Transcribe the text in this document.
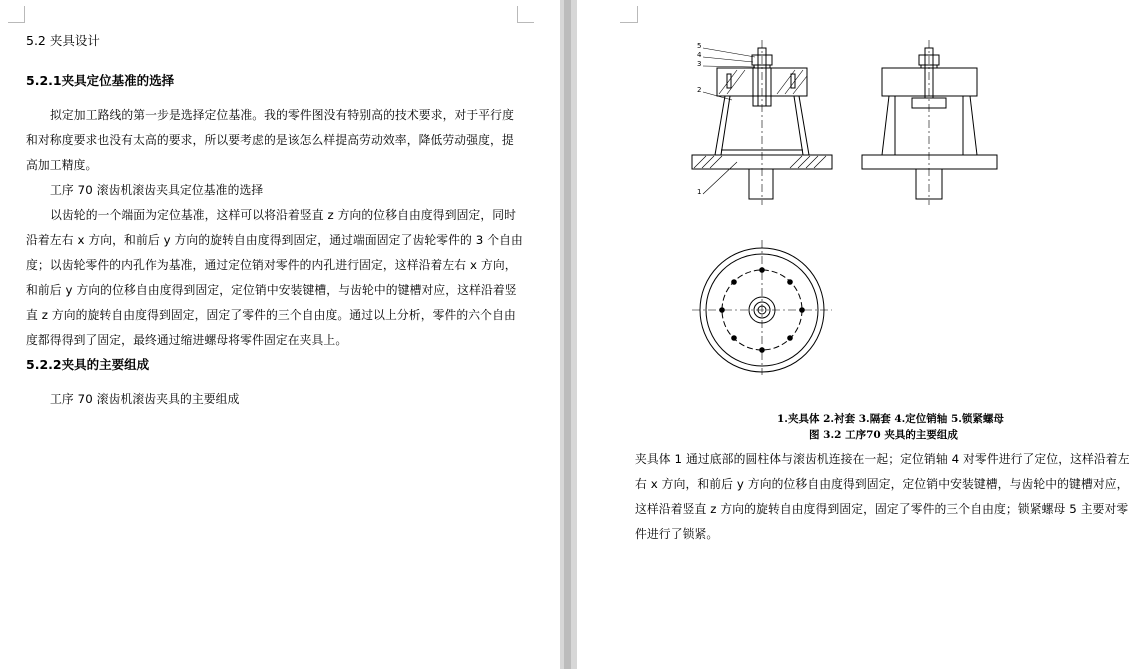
5.2 夹具设计
5.2.1夹具定位基准的选择
拟定加工路线的第一步是选择定位基准。我的零件图没有特别高的技术要求，对于平行度
和对称度要求也没有太高的要求，所以要考虑的是该怎么样提高劳动效率，降低劳动强度，提
高加工精度。
工序 70 滚齿机滚齿夹具定位基准的选择
以齿轮的一个端面为定位基准，这样可以将沿着竖直 z 方向的位移自由度得到固定，同时
沿着左右 x 方向，和前后 y 方向的旋转自由度得到固定，通过端面固定了齿轮零件的 3 个自由
度；以齿轮零件的内孔作为基准，通过定位销对零件的内孔进行固定，这样沿着左右 x 方向，
和前后 y 方向的位移自由度得到固定，定位销中安装键槽，与齿轮中的键槽对应，这样沿着竖
直 z 方向的旋转自由度得到固定，固定了零件的三个自由度。通过以上分析，零件的六个自由
度都得得到了固定，最终通过缩进螺母将零件固定在夹具上。
5.2.2夹具的主要组成
工序 70 滚齿机滚齿夹具的主要组成
5
4
3
2
1
1.夹具体 2.衬套 3.隔套 4.定位销轴 5.锁紧螺母
图 3.2 工序70 夹具的主要组成
夹具体 1 通过底部的圆柱体与滚齿机连接在一起；定位销轴 4 对零件进行了定位，这样沿着左
右 x 方向，和前后 y 方向的位移自由度得到固定，定位销中安装键槽，与齿轮中的键槽对应，
这样沿着竖直 z 方向的旋转自由度得到固定，固定了零件的三个自由度；锁紧螺母 5 主要对零
件进行了锁紧。
